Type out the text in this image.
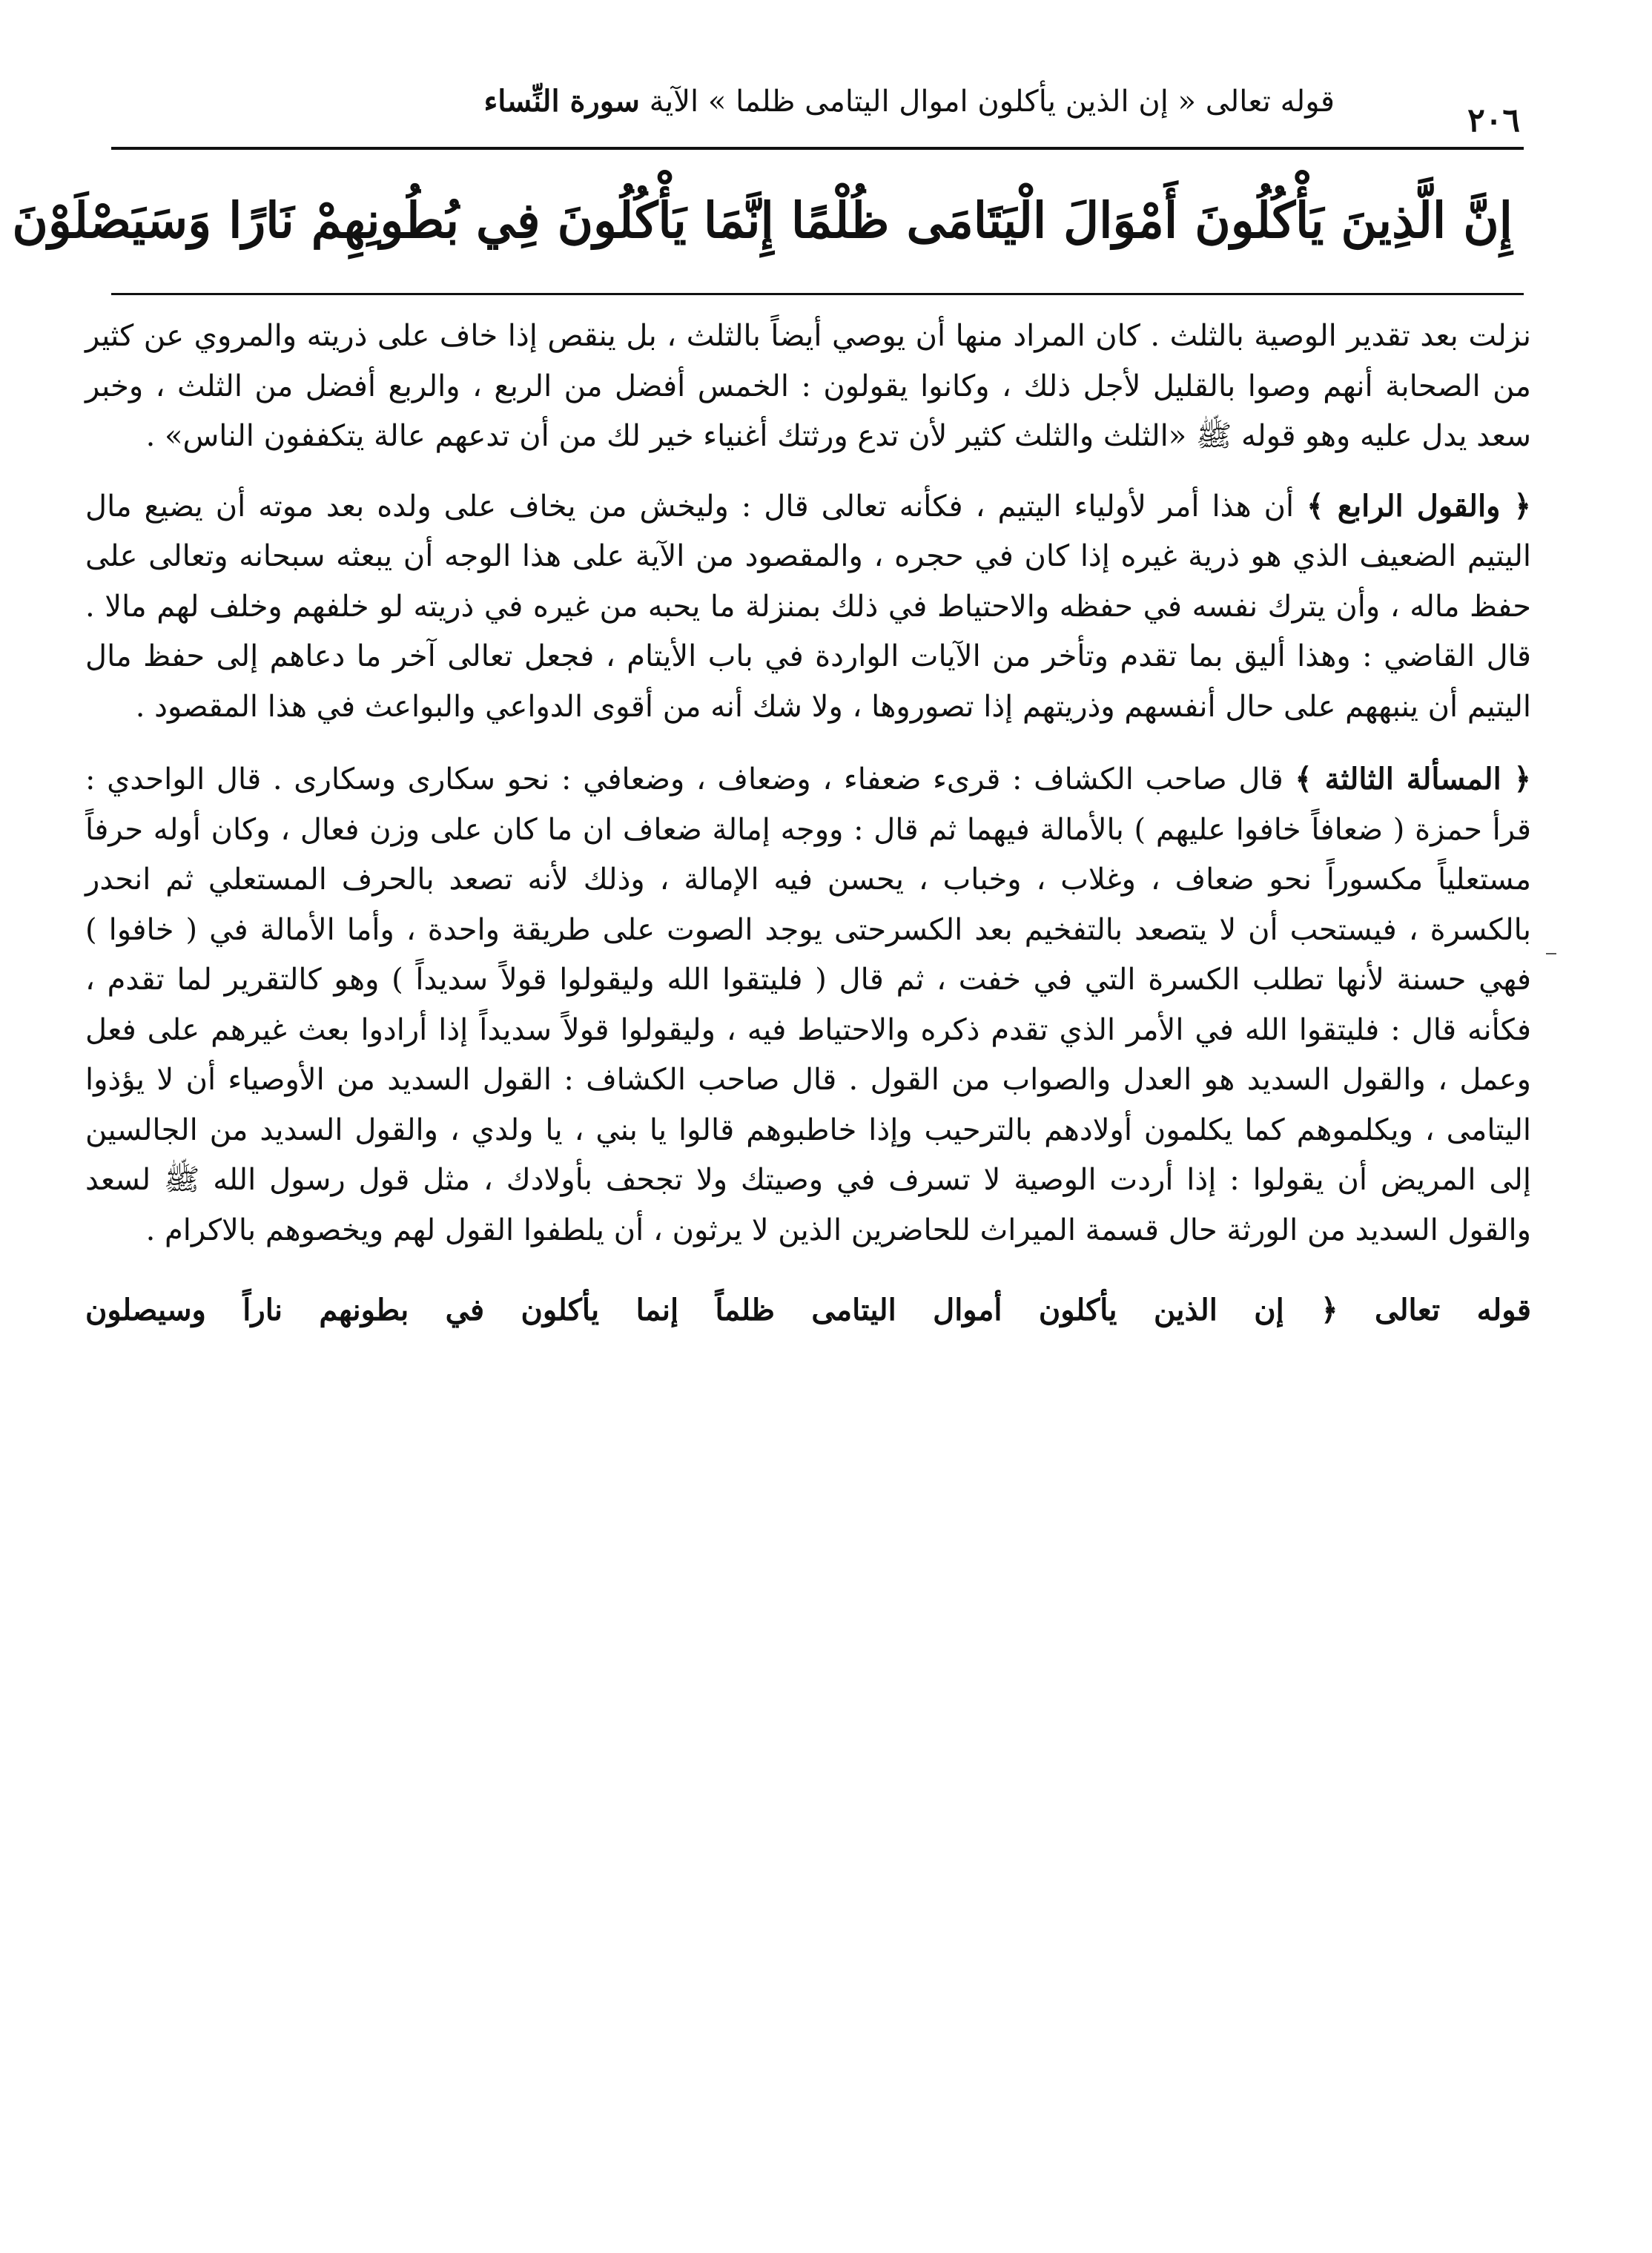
٢٠٦
قوله تعالى « إن الذين يأكلون اموال اليتامى ظلما » الآية سورة النِّساء
إِنَّ الَّذِينَ يَأْكُلُونَ أَمْوَالَ الْيَتَامَى ظُلْمًا إِنَّمَا يَأْكُلُونَ فِي بُطُونِهِمْ نَارًا وَسَيَصْلَوْنَ

نزلت بعد تقدير الوصية بالثلث . كان المراد منها أن يوصي أيضاً بالثلث ، بل ينقص إذا خاف على ذريته والمروي عن كثير من الصحابة أنهم وصوا بالقليل لأجل ذلك ، وكانوا يقولون : الخمس أفضل من الربع ، والربع أفضل من الثلث ، وخبر سعد يدل عليه وهو قوله ﷺ «الثلث والثلث كثير لأن تدع ورثتك أغنياء خير لك من أن تدعهم عالة يتكففون الناس» .

﴿ والقول الرابع ﴾ أن هذا أمر لأولياء اليتيم ، فكأنه تعالى قال : وليخش من يخاف على ولده بعد موته أن يضيع مال اليتيم الضعيف الذي هو ذرية غيره إذا كان في حجره ، والمقصود من الآية على هذا الوجه أن يبعثه سبحانه وتعالى على حفظ ماله ، وأن يترك نفسه في حفظه والاحتياط في ذلك بمنزلة ما يحبه من غيره في ذريته لو خلفهم وخلف لهم مالا . قال القاضي : وهذا أليق بما تقدم وتأخر من الآيات الواردة في باب الأيتام ، فجعل تعالى آخر ما دعاهم إلى حفظ مال اليتيم أن ينبههم على حال أنفسهم وذريتهم إذا تصوروها ، ولا شك أنه من أقوى الدواعي والبواعث في هذا المقصود .

﴿ المسألة الثالثة ﴾ قال صاحب الكشاف : قرىء ضعفاء ، وضعاف ، وضعافي : نحو سكارى وسكارى . قال الواحدي : قرأ حمزة ( ضعافاً خافوا عليهم ) بالأمالة فيهما ثم قال : ووجه إمالة ضعاف ان ما كان على وزن فعال ، وكان أوله حرفاً مستعلياً مكسوراً نحو ضعاف ، وغلاب ، وخباب ، يحسن فيه الإمالة ، وذلك لأنه تصعد بالحرف المستعلي ثم انحدر بالكسرة ، فيستحب أن لا يتصعد بالتفخيم بعد الكسرحتى يوجد الصوت على طريقة واحدة ، وأما الأمالة في ( خافوا ) فهي حسنة لأنها تطلب الكسرة التي في خفت ، ثم قال ( فليتقوا الله وليقولوا قولاً سديداً ) وهو كالتقرير لما تقدم ، فكأنه قال : فليتقوا الله في الأمر الذي تقدم ذكره والاحتياط فيه ، وليقولوا قولاً سديداً إذا أرادوا بعث غيرهم على فعل وعمل ، والقول السديد هو العدل والصواب من القول . قال صاحب الكشاف : القول السديد من الأوصياء أن لا يؤذوا اليتامى ، ويكلموهم كما يكلمون أولادهم بالترحيب وإذا خاطبوهم قالوا يا بني ، يا ولدي ، والقول السديد من الجالسين إلى المريض أن يقولوا : إذا أردت الوصية لا تسرف في وصيتك ولا تجحف بأولادك ، مثل قول رسول الله ﷺ لسعد والقول السديد من الورثة حال قسمة الميراث للحاضرين الذين لا يرثون ، أن يلطفوا القول لهم ويخصوهم بالاكرام .

قوله تعالى ﴿ إن الذين يأكلون أموال اليتامى ظلماً إنما يأكلون في بطونهم ناراً وسيصلون
